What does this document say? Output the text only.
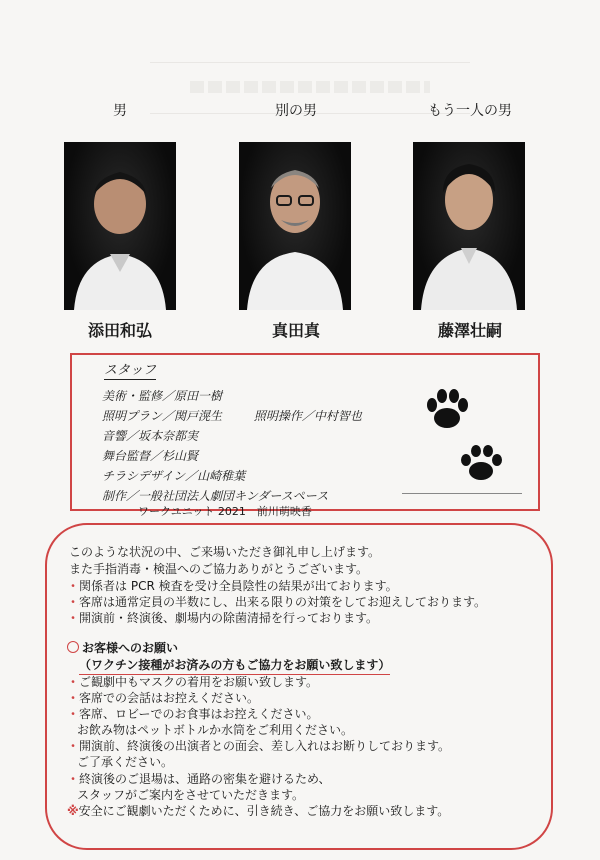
男	別の男	もう一人の男
添田和弘	真田真	藤澤壮嗣
スタッフ
美術・監修／原田一樹
照明プラン／関戸滉生	照明操作／中村智也
音響／坂本奈都実
舞台監督／杉山賢
チラシデザイン／山崎稚葉
制作／一般社団法人劇団キンダースペース
ワークユニット 2021　前川萌映香
このような状況の中、ご来場いただき御礼申し上げます。
また手指消毒・検温へのご協力ありがとうございます。
・関係者は PCR 検査を受け全員陰性の結果が出ております。
・客席は通常定員の半数にし、出来る限りの対策をしてお迎えしております。
・開演前・終演後、劇場内の除菌清掃を行っております。
お客様へのお願い
（ワクチン接種がお済みの方もご協力をお願い致します）
・ご観劇中もマスクの着用をお願い致します。
・客席での会話はお控えください。
・客席、ロビーでのお食事はお控えください。
お飲み物はペットボトルか水筒をご利用ください。
・開演前、終演後の出演者との面会、差し入れはお断りしております。
ご了承ください。
・終演後のご退場は、通路の密集を避けるため、
スタッフがご案内をさせていただきます。
※安全にご観劇いただくために、引き続き、ご協力をお願い致します。
